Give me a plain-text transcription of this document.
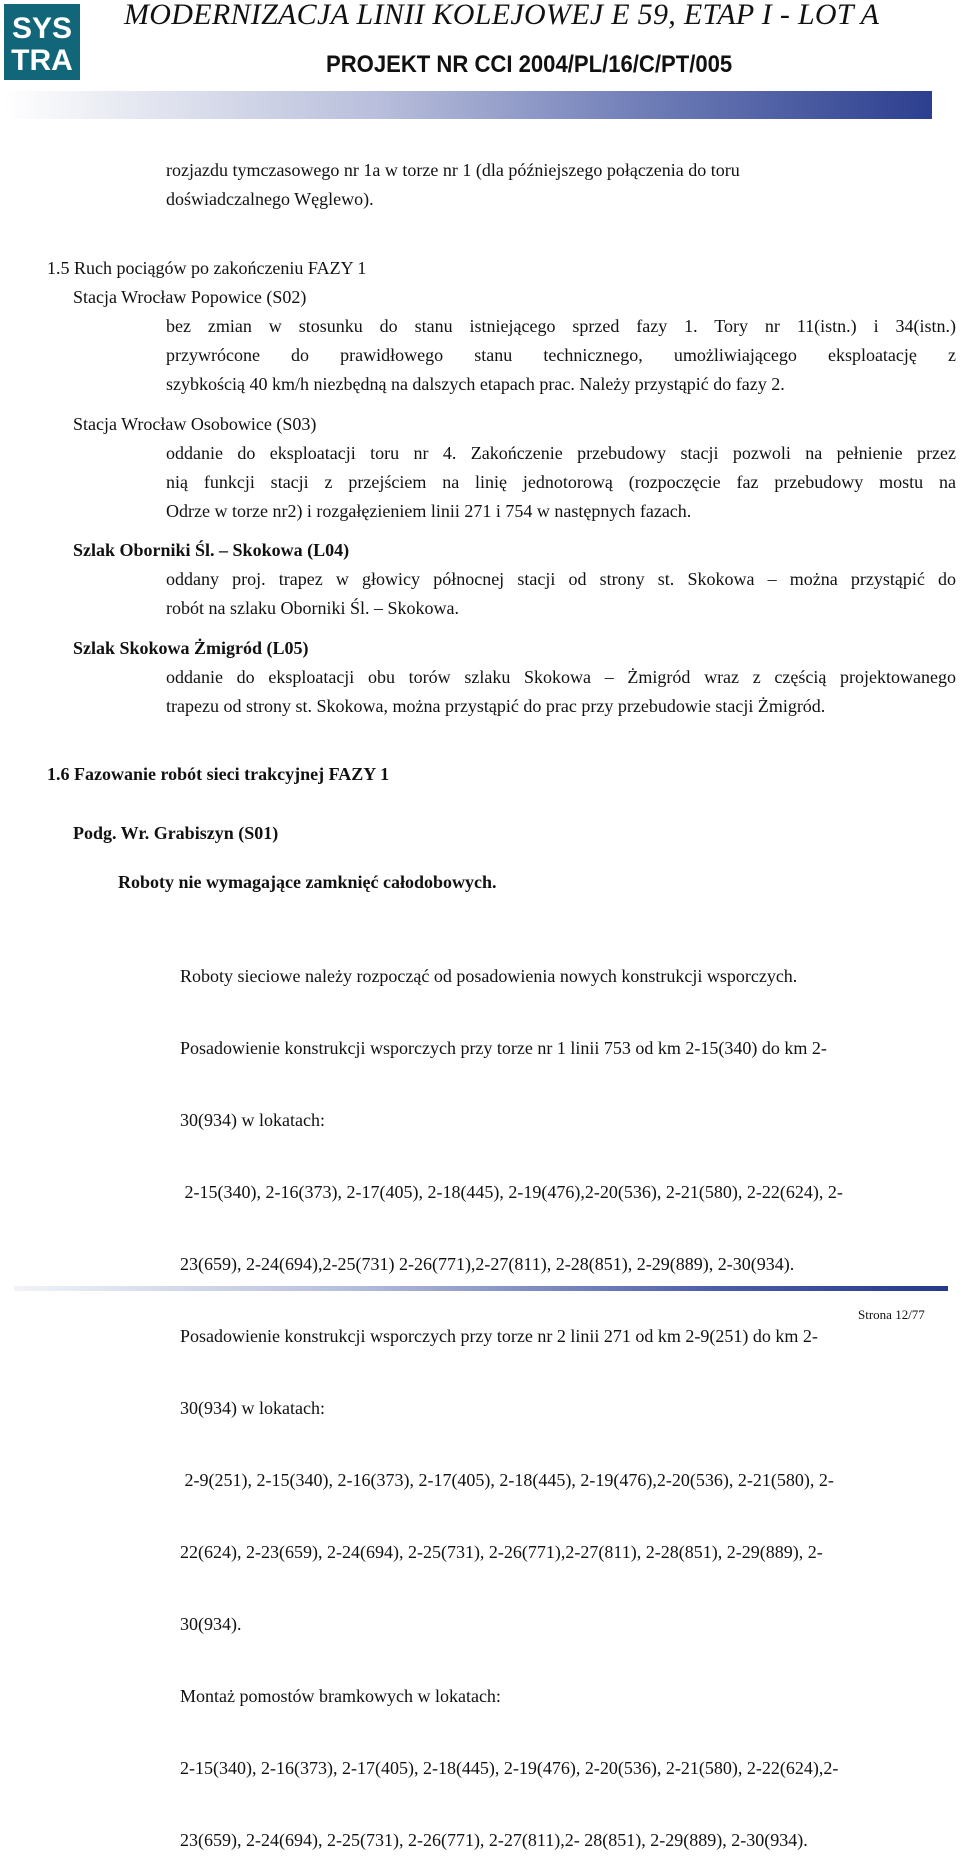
SYS
TRA
MODERNIZACJA LINII KOLEJOWEJ E 59, ETAP I - LOT A
PROJEKT NR CCI 2004/PL/16/C/PT/005
rozjazdu tymczasowego nr 1a w torze nr 1 (dla późniejszego połączenia do toru
doświadczalnego Węglewo).
1.5 Ruch pociągów po zakończeniu FAZY 1
Stacja Wrocław Popowice (S02)
bez zmian w stosunku do stanu istniejącego sprzed fazy 1. Tory nr 11(istn.) i 34(istn.)
przywrócone do prawidłowego stanu technicznego, umożliwiającego eksploatację z
szybkością 40 km/h niezbędną na dalszych etapach prac. Należy przystąpić do fazy 2.
Stacja Wrocław Osobowice (S03)
oddanie do eksploatacji toru nr 4. Zakończenie przebudowy stacji pozwoli na pełnienie przez
nią funkcji stacji z przejściem na linię jednotorową (rozpoczęcie faz przebudowy mostu na
Odrze w torze nr2) i rozgałęzieniem linii 271 i 754 w następnych fazach.
Szlak Oborniki Śl. – Skokowa (L04)
oddany proj. trapez w głowicy północnej stacji od strony st. Skokowa – można przystąpić do
robót na szlaku Oborniki Śl. – Skokowa.
Szlak Skokowa Żmigród (L05)
oddanie do eksploatacji obu torów szlaku Skokowa – Żmigród wraz z częścią projektowanego
trapezu od strony st. Skokowa, można przystąpić do prac przy przebudowie stacji Żmigród.
1.6 Fazowanie robót sieci trakcyjnej FAZY 1
Podg. Wr. Grabiszyn (S01)
Roboty nie wymagające zamknięć całodobowych.

Roboty sieciowe należy rozpocząć od posadowienia nowych konstrukcji wsporczych.

Posadowienie konstrukcji wsporczych przy torze nr 1 linii 753 od km 2-15(340) do km 2-

30(934) w lokatach:

2-15(340), 2-16(373), 2-17(405), 2-18(445), 2-19(476),2-20(536), 2-21(580), 2-22(624), 2-

23(659), 2-24(694),2-25(731) 2-26(771),2-27(811), 2-28(851), 2-29(889), 2-30(934).

Posadowienie konstrukcji wsporczych przy torze nr 2 linii 271 od km 2-9(251) do km 2-

30(934) w lokatach:

2-9(251), 2-15(340), 2-16(373), 2-17(405), 2-18(445), 2-19(476),2-20(536), 2-21(580), 2-

22(624), 2-23(659), 2-24(694), 2-25(731), 2-26(771),2-27(811), 2-28(851), 2-29(889), 2-

30(934).

Montaż pomostów bramkowych w lokatach:

2-15(340), 2-16(373), 2-17(405), 2-18(445), 2-19(476), 2-20(536), 2-21(580), 2-22(624),2-

23(659), 2-24(694), 2-25(731), 2-26(771), 2-27(811),2- 28(851), 2-29(889), 2-30(934).

Strona 12/77
